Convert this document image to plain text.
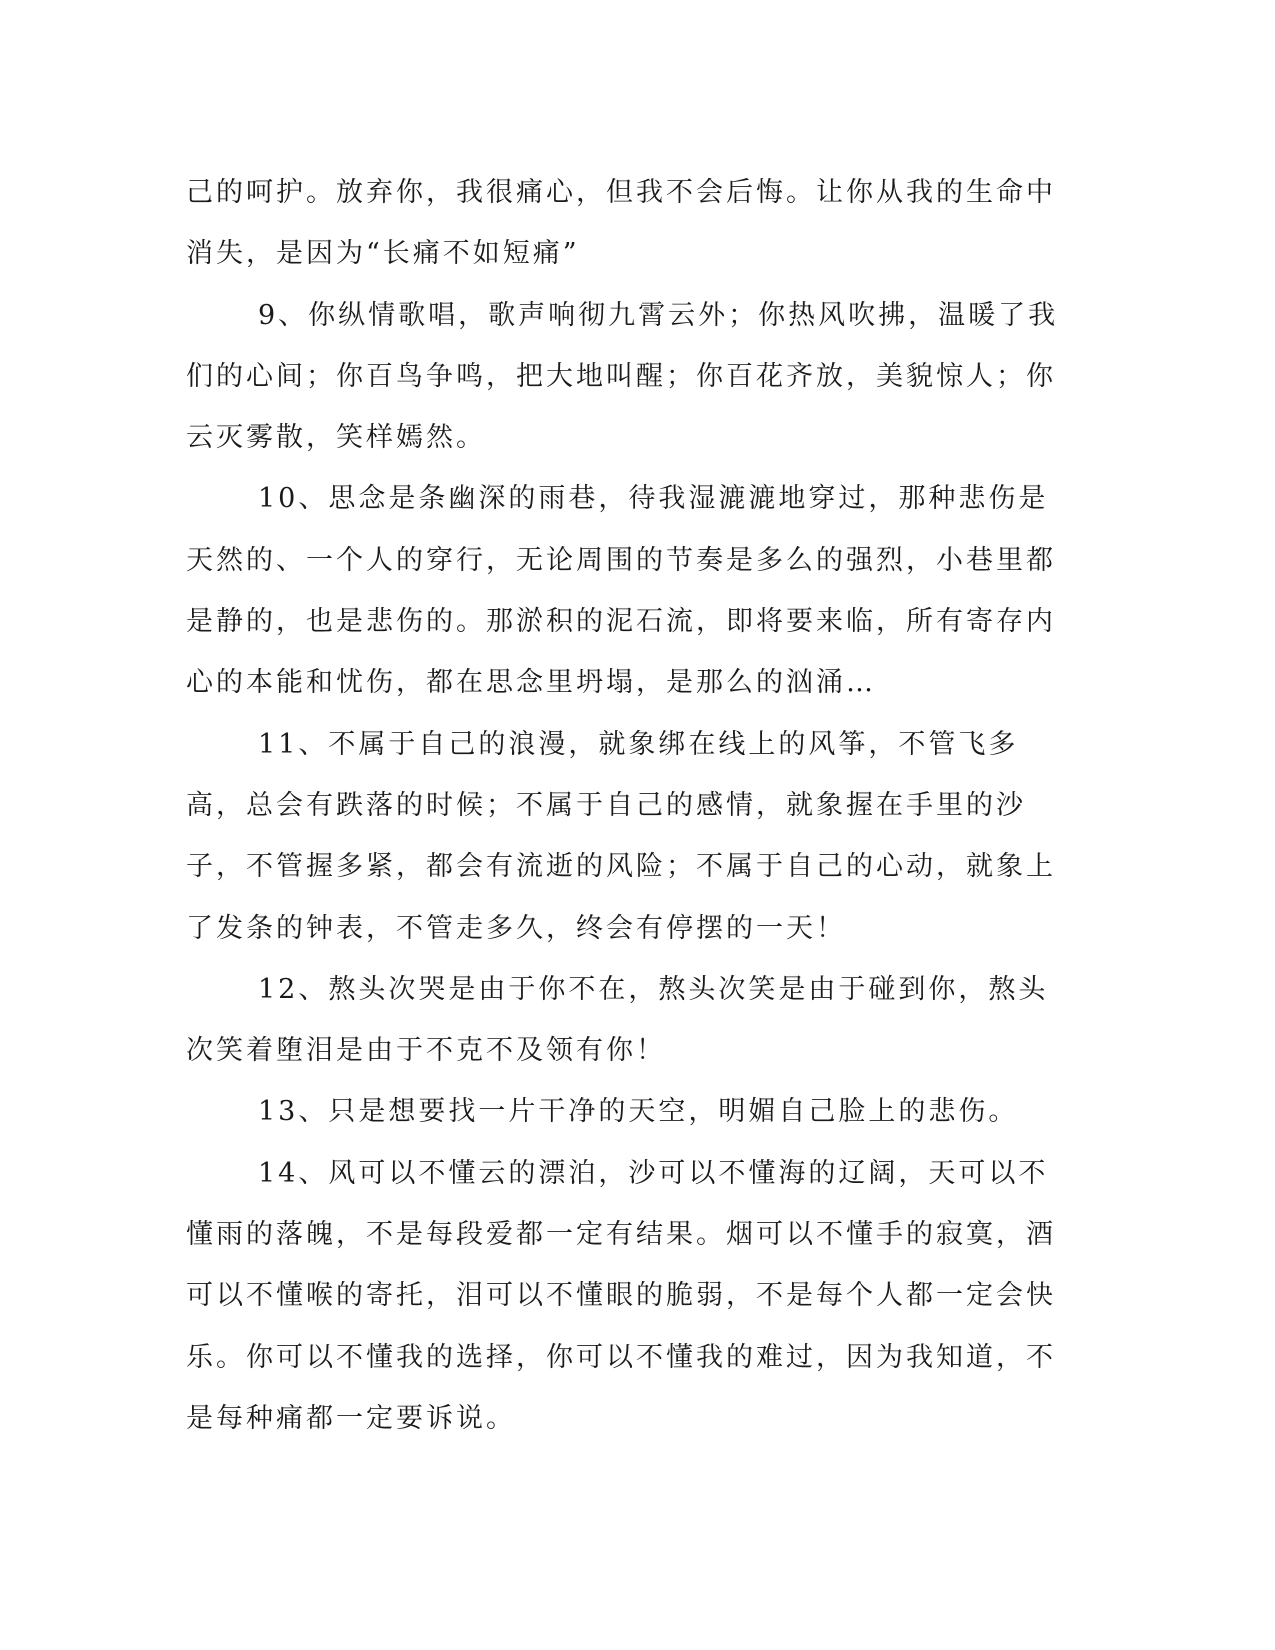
己的呵护。放弃你，我很痛心，但我不会后悔。让你从我的生命中消失，是因为“长痛不如短痛”

9、你纵情歌唱，歌声响彻九霄云外；你热风吹拂，温暖了我们的心间；你百鸟争鸣，把大地叫醒；你百花齐放，美貌惊人；你云灭雾散，笑样嫣然。

10、思念是条幽深的雨巷，待我湿漉漉地穿过，那种悲伤是天然的、一个人的穿行，无论周围的节奏是多么的强烈，小巷里都是静的，也是悲伤的。那淤积的泥石流，即将要来临，所有寄存内心的本能和忧伤，都在思念里坍塌，是那么的汹涌…

11、不属于自己的浪漫，就象绑在线上的风筝，不管飞多高，总会有跌落的时候；不属于自己的感情，就象握在手里的沙子，不管握多紧，都会有流逝的风险；不属于自己的心动，就象上了发条的钟表，不管走多久，终会有停摆的一天！

12、熬头次哭是由于你不在，熬头次笑是由于碰到你，熬头次笑着堕泪是由于不克不及领有你！

13、只是想要找一片干净的天空，明媚自己脸上的悲伤。

14、风可以不懂云的漂泊，沙可以不懂海的辽阔，天可以不懂雨的落魄，不是每段爱都一定有结果。烟可以不懂手的寂寞，酒可以不懂喉的寄托，泪可以不懂眼的脆弱，不是每个人都一定会快乐。你可以不懂我的选择，你可以不懂我的难过，因为我知道，不是每种痛都一定要诉说。
